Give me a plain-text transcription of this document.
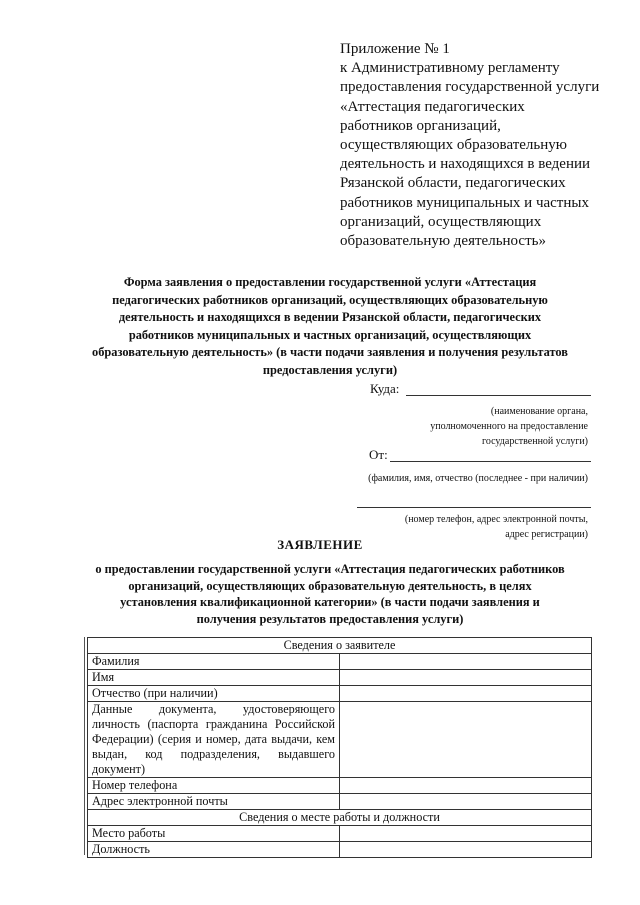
Приложение № 1
к Административному регламенту
предоставления государственной услуги
«Аттестация педагогических
работников организаций,
осуществляющих образовательную
деятельность и находящихся в ведении
Рязанской области, педагогических
работников муниципальных и частных
организаций, осуществляющих
образовательную деятельность»
Форма заявления о предоставлении государственной услуги «Аттестация
педагогических работников организаций, осуществляющих образовательную
деятельность и находящихся в ведении Рязанской области, педагогических
работников муниципальных и частных организаций, осуществляющих
образовательную деятельность» (в части подачи заявления и получения результатов
предоставления услуги)
Куда:
(наименование органа,
уполномоченного на предоставление
государственной услуги)
От:
(фамилия, имя, отчество (последнее - при наличии)
(номер телефон, адрес электронной почты,
адрес регистрации)
ЗАЯВЛЕНИЕ
о предоставлении государственной услуги «Аттестация педагогических работников
организаций, осуществляющих образовательную деятельность, в целях
установления квалификационной категории» (в части подачи заявления и
получения результатов предоставления услуги)
Сведения о заявителе	
Фамилия	
Имя	
Отчество (при наличии)	
Данные документа, удостоверяющего личность (паспорта гражданина Российской Федерации) (серия и номер, дата выдачи, кем выдан, код подразделения, выдавшего документ)	
Номер телефона	
Адрес электронной почты	
Сведения о месте работы и должности	
Место работы	
Должность	
